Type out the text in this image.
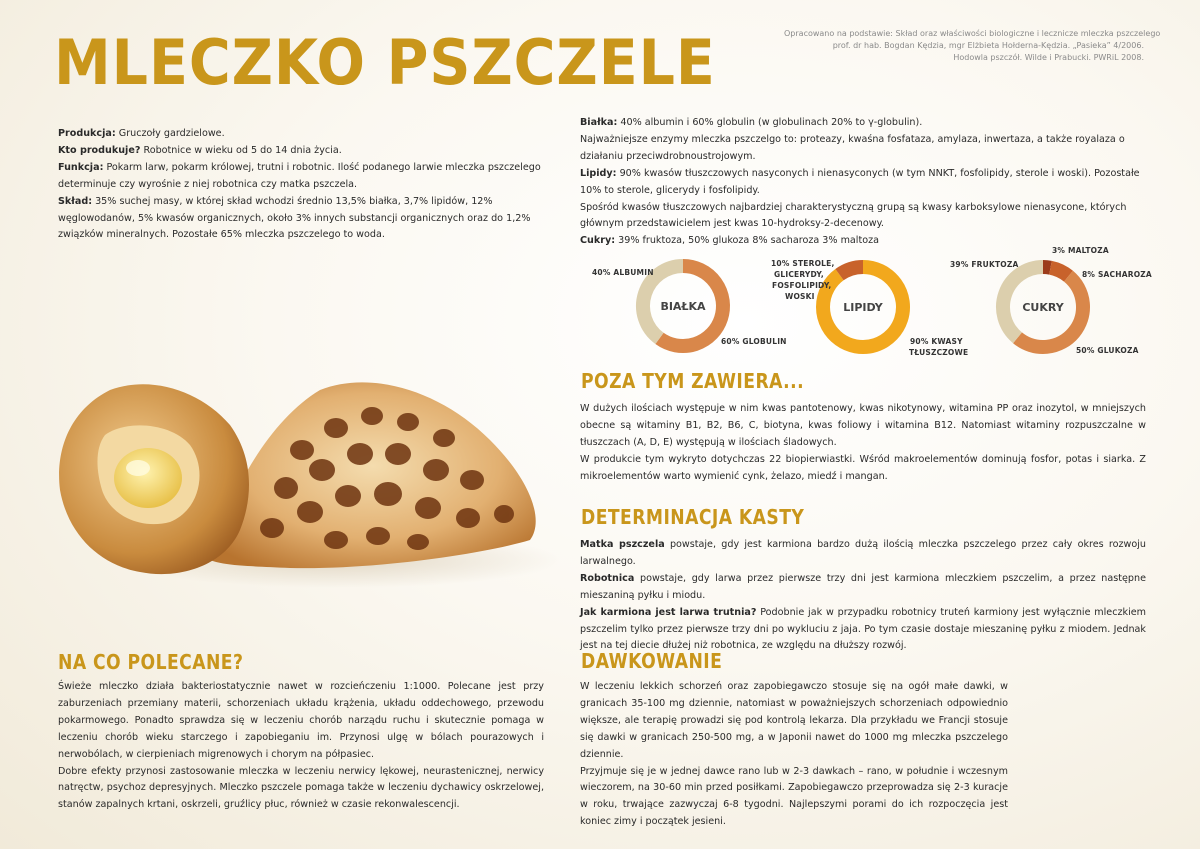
MLECZKO PSZCZELE	Opracowano na podstawie: Skład oraz właściwości biologiczne i lecznicze mleczka pszczelego
prof. dr hab. Bogdan Kędzia, mgr Elżbieta Hołderna-Kędzia. „Pasieka” 4/2006.
Hodowla pszczół. Wilde i Prabucki. PWRiL 2008.

Produkcja: Gruczoły gardzielowe.

Kto produkuje? Robotnice w wieku od 5 do 14 dnia życia.

Funkcja: Pokarm larw, pokarm królowej, trutni i robotnic. Ilość podanego larwie mleczka pszczelego determinuje czy wyrośnie z niej robotnica czy matka pszczela.

Skład: 35% suchej masy, w której skład wchodzi średnio 13,5% białka, 3,7% lipidów, 12% węglowodanów, 5% kwasów organicznych, około 3% innych substancji organicznych oraz do 1,2% związków mineralnych. Pozostałe 65% mleczka pszczelego to woda.

Białka: 40% albumin i 60% globulin (w globulinach 20% to γ-globulin).

Najważniejsze enzymy mleczka pszczelgo to: proteazy, kwaśna fosfataza, amylaza, inwertaza, a także royalaza o działaniu przeciwdrobnoustrojowym.

Lipidy: 90% kwasów tłuszczowych nasyconych i nienasyconych (w tym NNKT, fosfolipidy, sterole i woski). Pozostałe 10% to sterole, glicerydy i fosfolipidy.

Spośród kwasów tłuszczowych najbardziej charakterystyczną grupą są kwasy karboksylowe nienasycone, których głównym przedstawicielem jest kwas 10-hydroksy-2-decenowy.

Cukry: 39% fruktoza, 50% glukoza 8% sacharoza 3% maltoza

BIAŁKA	LIPIDY	CUKRY
40% ALBUMIN
60% GLOBULIN
10% STEROLE,
GLICERYDY,
FOSFOLIPIDY,
WOSKI
90% KWASY
TŁUSZCZOWE
39% FRUKTOZA
3% MALTOZA
8% SACHAROZA
50% GLUKOZA
POZA TYM ZAWIERA...

W dużych ilościach występuje w nim kwas pantotenowy, kwas nikotynowy, witamina PP oraz inozytol, w mniejszych obecne są witaminy B1, B2, B6, C, biotyna, kwas foliowy i witamina B12. Natomiast witaminy rozpuszczalne w tłuszczach (A, D, E) występują w ilościach śladowych.

W produkcie tym wykryto dotychczas 22 biopierwiastki. Wśród makroelementów dominują fosfor, potas i siarka. Z mikroelementów warto wymienić cynk, żelazo, miedź i mangan.

DETERMINACJA KASTY

Matka pszczela powstaje, gdy jest karmiona bardzo dużą ilością mleczka pszczelego przez cały okres rozwoju larwalnego.

Robotnica powstaje, gdy larwa przez pierwsze trzy dni jest karmiona mleczkiem pszczelim, a przez następne mieszaniną pyłku i miodu.

Jak karmiona jest larwa trutnia? Podobnie jak w przypadku robotnicy truteń karmiony jest wyłącznie mleczkiem pszczelim tylko przez pierwsze trzy dni po wykluciu z jaja. Po tym czasie dostaje mieszaninę pyłku z miodem. Jednak jest na tej diecie dłużej niż robotnica, ze względu na dłuższy rozwój.

DAWKOWANIE

W leczeniu lekkich schorzeń oraz zapobiegawczo stosuje się na ogół małe dawki, w granicach 35-100 mg dziennie, natomiast w poważniejszych schorzeniach odpowiednio większe, ale terapię prowadzi się pod kontrolą lekarza. Dla przykładu we Francji stosuje się dawki w granicach 250-500 mg, a w Japonii nawet do 1000 mg mleczka pszczelego dziennie.

Przyjmuje się je w jednej dawce rano lub w 2-3 dawkach – rano, w południe i wczesnym wieczorem, na 30-60 min przed posiłkami. Zapobiegawczo przeprowadza się 2-3 kuracje w roku, trwające zazwyczaj 6-8 tygodni. Najlepszymi porami do ich rozpoczęcia jest koniec zimy i początek jesieni.

NA CO POLECANE?

Świeże mleczko działa bakteriostatycznie nawet w rozcieńczeniu 1:1000. Polecane jest przy zaburzeniach przemiany materii, schorzeniach układu krążenia, układu oddechowego, przewodu pokarmowego. Ponadto sprawdza się w leczeniu chorób narządu ruchu i skutecznie pomaga w leczeniu chorób wieku starczego i zapobieganiu im. Przynosi ulgę w bólach pourazowych i nerwobólach, w cierpieniach migrenowych i chorym na półpasiec.

Dobre efekty przynosi zastosowanie mleczka w leczeniu nerwicy lękowej, neurastenicznej, nerwicy natręctw, psychoz depresyjnych. Mleczko pszczele pomaga także w leczeniu dychawicy oskrzelowej, stanów zapalnych krtani, oskrzeli, gruźlicy płuc, również w czasie rekonwalescencji.
